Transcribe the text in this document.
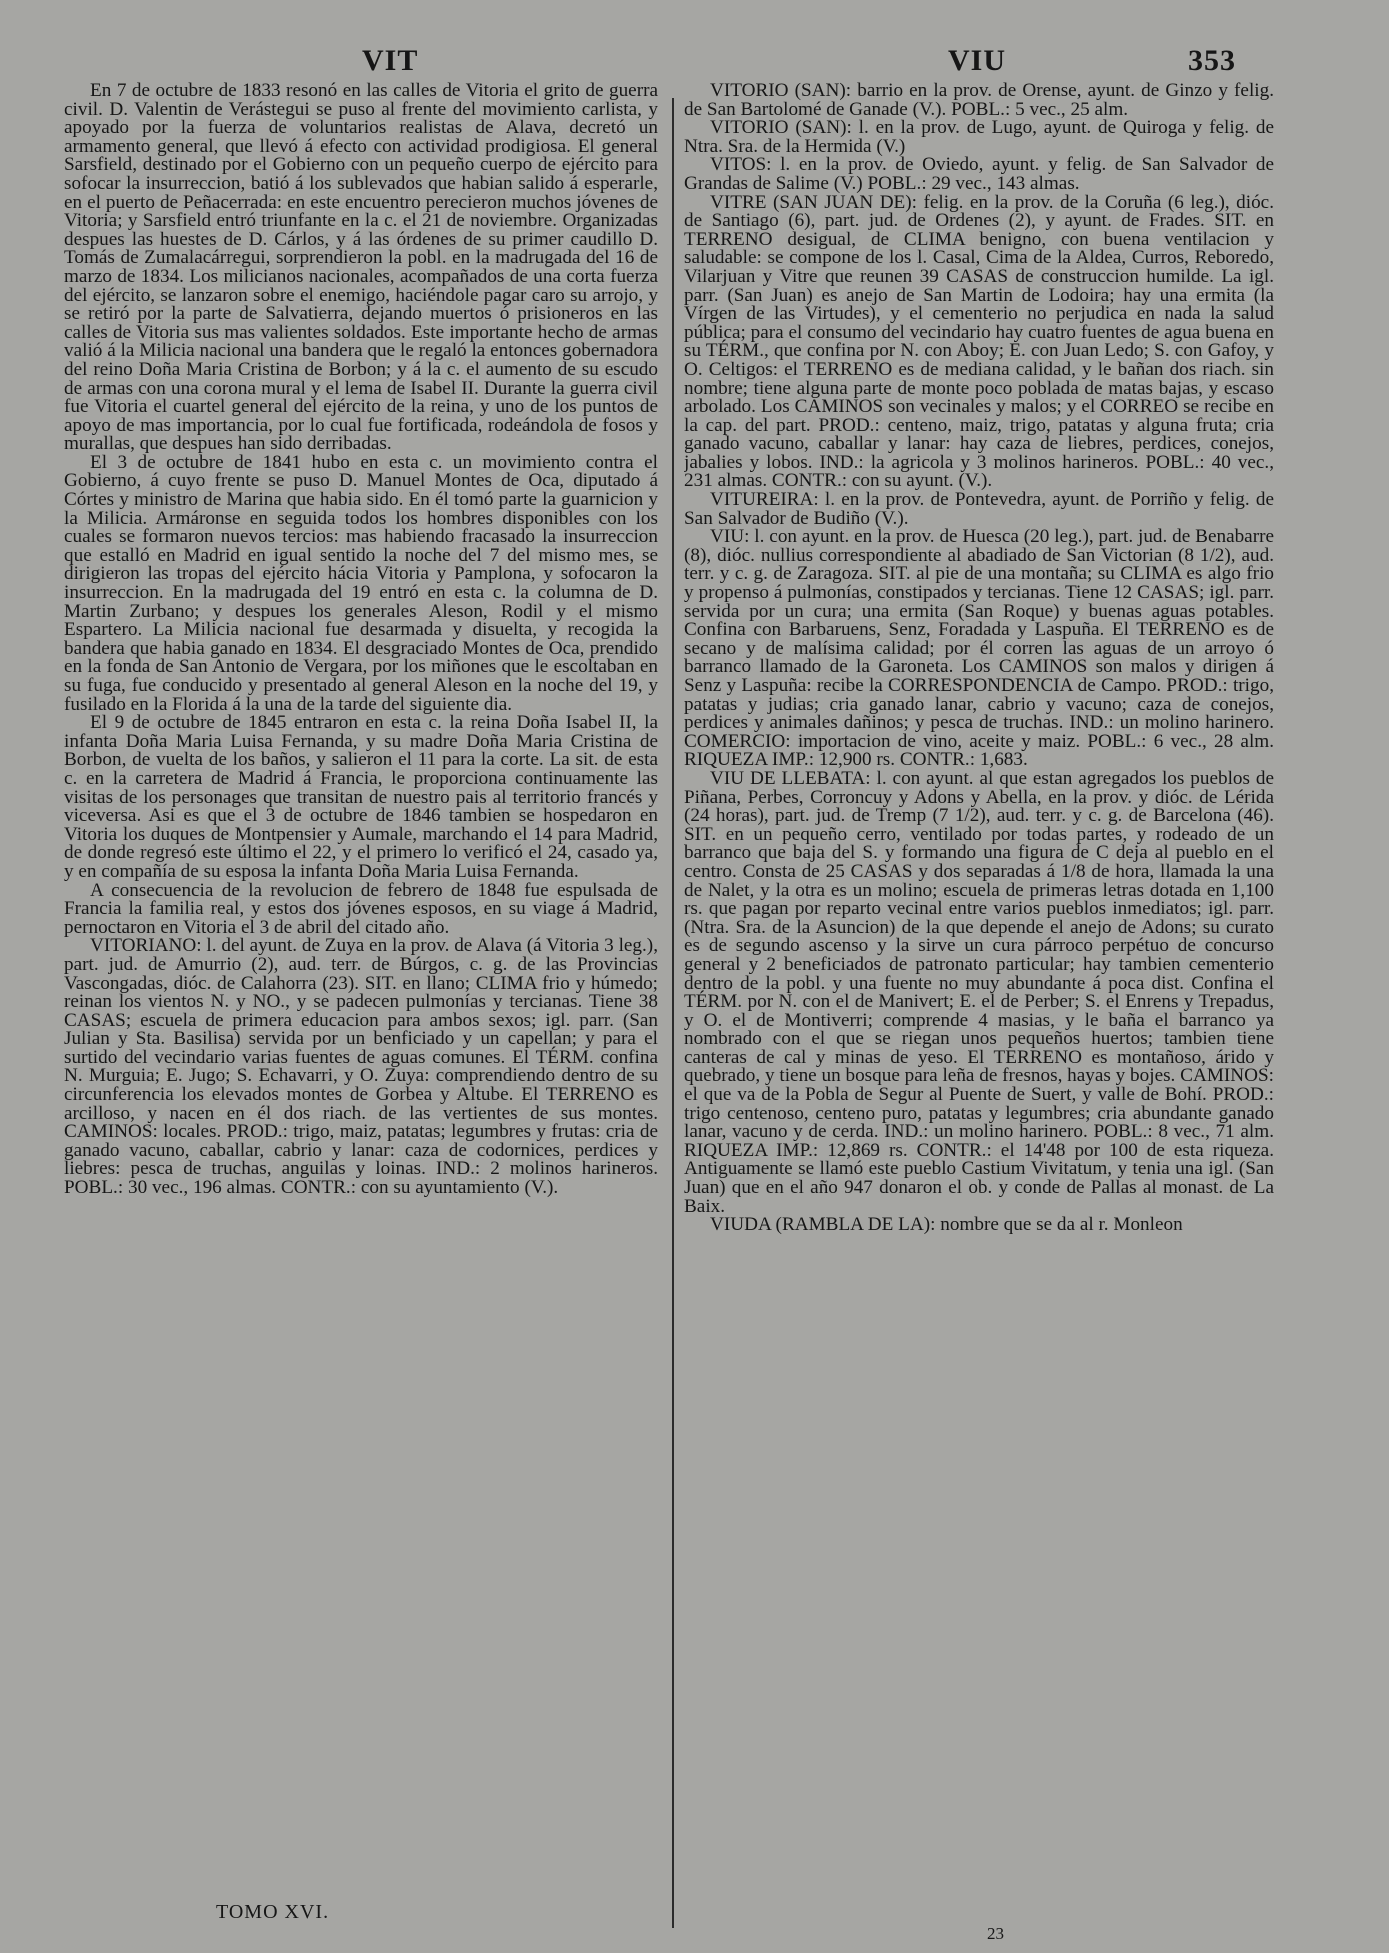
VIT	VIU	353

En 7 de octubre de 1833 resonó en las calles de Vitoria el grito de guerra civil. D. Valentin de Verástegui se puso al frente del movimiento carlista, y apoyado por la fuerza de voluntarios realistas de Alava, decretó un armamento general, que llevó á efecto con actividad prodigiosa. El general Sarsfield, destinado por el Gobierno con un pequeño cuerpo de ejército para sofocar la insurreccion, batió á los sublevados que habian salido á esperarle, en el puerto de Peñacerrada: en este encuentro perecieron muchos jóvenes de Vitoria; y Sarsfield entró triunfante en la c. el 21 de noviembre. Organizadas despues las huestes de D. Cárlos, y á las órdenes de su primer caudillo D. Tomás de Zumalacárregui, sorprendieron la pobl. en la madrugada del 16 de marzo de 1834. Los milicianos nacionales, acompañados de una corta fuerza del ejército, se lanzaron sobre el enemigo, haciéndole pagar caro su arrojo, y se retiró por la parte de Salvatierra, dejando muertos ó prisioneros en las calles de Vitoria sus mas valientes soldados. Este importante hecho de armas valió á la Milicia nacional una bandera que le regaló la entonces gobernadora del reino Doña Maria Cristina de Borbon; y á la c. el aumento de su escudo de armas con una corona mural y el lema de Isabel II. Durante la guerra civil fue Vitoria el cuartel general del ejército de la reina, y uno de los puntos de apoyo de mas importancia, por lo cual fue fortificada, rodeándola de fosos y murallas, que despues han sido derribadas.

El 3 de octubre de 1841 hubo en esta c. un movimiento contra el Gobierno, á cuyo frente se puso D. Manuel Montes de Oca, diputado á Córtes y ministro de Marina que habia sido. En él tomó parte la guarnicion y la Milicia. Armáronse en seguida todos los hombres disponibles con los cuales se formaron nuevos tercios: mas habiendo fracasado la insurreccion que estalló en Madrid en igual sentido la noche del 7 del mismo mes, se dirigieron las tropas del ejército hácia Vitoria y Pamplona, y sofocaron la insurreccion. En la madrugada del 19 entró en esta c. la columna de D. Martin Zurbano; y despues los generales Aleson, Rodil y el mismo Espartero. La Milicia nacional fue desarmada y disuelta, y recogida la bandera que habia ganado en 1834. El desgraciado Montes de Oca, prendido en la fonda de San Antonio de Vergara, por los miñones que le escoltaban en su fuga, fue conducido y presentado al general Aleson en la noche del 19, y fusilado en la Florida á la una de la tarde del siguiente dia.

El 9 de octubre de 1845 entraron en esta c. la reina Doña Isabel II, la infanta Doña Maria Luisa Fernanda, y su madre Doña Maria Cristina de Borbon, de vuelta de los baños, y salieron el 11 para la corte. La sit. de esta c. en la carretera de Madrid á Francia, le proporciona continuamente las visitas de los personages que transitan de nuestro pais al territorio francés y viceversa. Asi es que el 3 de octubre de 1846 tambien se hospedaron en Vitoria los duques de Montpensier y Aumale, marchando el 14 para Madrid, de donde regresó este último el 22, y el primero lo verificó el 24, casado ya, y en compañía de su esposa la infanta Doña Maria Luisa Fernanda.

A consecuencia de la revolucion de febrero de 1848 fue espulsada de Francia la familia real, y estos dos jóvenes esposos, en su viage á Madrid, pernoctaron en Vitoria el 3 de abril del citado año.

VITORIANO: l. del ayunt. de Zuya en la prov. de Alava (á Vitoria 3 leg.), part. jud. de Amurrio (2), aud. terr. de Búrgos, c. g. de las Provincias Vascongadas, dióc. de Calahorra (23). SIT. en llano; CLIMA frio y húmedo; reinan los vientos N. y NO., y se padecen pulmonías y tercianas. Tiene 38 CASAS; escuela de primera educacion para ambos sexos; igl. parr. (San Julian y Sta. Basilisa) servida por un benficiado y un capellan; y para el surtido del vecindario varias fuentes de aguas comunes. El TÉRM. confina N. Murguia; E. Jugo; S. Echavarri, y O. Zuya: comprendiendo dentro de su circunferencia los elevados montes de Gorbea y Altube. El TERRENO es arcilloso, y nacen en él dos riach. de las vertientes de sus montes. CAMINOS: locales. PROD.: trigo, maiz, patatas; legumbres y frutas: cria de ganado vacuno, caballar, cabrio y lanar: caza de codornices, perdices y liebres: pesca de truchas, anguilas y loinas. IND.: 2 molinos harineros. POBL.: 30 vec., 196 almas. CONTR.: con su ayuntamiento (V.).

VITORIO (SAN): barrio en la prov. de Orense, ayunt. de Ginzo y felig. de San Bartolomé de Ganade (V.). POBL.: 5 vec., 25 alm.

VITORIO (SAN): l. en la prov. de Lugo, ayunt. de Quiroga y felig. de Ntra. Sra. de la Hermida (V.)

VITOS: l. en la prov. de Oviedo, ayunt. y felig. de San Salvador de Grandas de Salime (V.) POBL.: 29 vec., 143 almas.

VITRE (SAN JUAN DE): felig. en la prov. de la Coruña (6 leg.), dióc. de Santiago (6), part. jud. de Ordenes (2), y ayunt. de Frades. SIT. en TERRENO desigual, de CLIMA benigno, con buena ventilacion y saludable: se compone de los l. Casal, Cima de la Aldea, Curros, Reboredo, Vilarjuan y Vitre que reunen 39 CASAS de construccion humilde. La igl. parr. (San Juan) es anejo de San Martin de Lodoira; hay una ermita (la Vírgen de las Virtudes), y el cementerio no perjudica en nada la salud pública; para el consumo del vecindario hay cuatro fuentes de agua buena en su TÉRM., que confina por N. con Aboy; E. con Juan Ledo; S. con Gafoy, y O. Celtigos: el TERRENO es de mediana calidad, y le bañan dos riach. sin nombre; tiene alguna parte de monte poco poblada de matas bajas, y escaso arbolado. Los CAMINOS son vecinales y malos; y el CORREO se recibe en la cap. del part. PROD.: centeno, maiz, trigo, patatas y alguna fruta; cria ganado vacuno, caballar y lanar: hay caza de liebres, perdices, conejos, jabalies y lobos. IND.: la agricola y 3 molinos harineros. POBL.: 40 vec., 231 almas. CONTR.: con su ayunt. (V.).

VITUREIRA: l. en la prov. de Pontevedra, ayunt. de Porriño y felig. de San Salvador de Budiño (V.).

VIU: l. con ayunt. en la prov. de Huesca (20 leg.), part. jud. de Benabarre (8), dióc. nullius correspondiente al abadiado de San Victorian (8 1/2), aud. terr. y c. g. de Zaragoza. SIT. al pie de una montaña; su CLIMA es algo frio y propenso á pulmonías, constipados y tercianas. Tiene 12 CASAS; igl. parr. servida por un cura; una ermita (San Roque) y buenas aguas potables. Confina con Barbaruens, Senz, Foradada y Laspuña. El TERRENO es de secano y de malísima calidad; por él corren las aguas de un arroyo ó barranco llamado de la Garoneta. Los CAMINOS son malos y dirigen á Senz y Laspuña: recibe la CORRESPONDENCIA de Campo. PROD.: trigo, patatas y judias; cria ganado lanar, cabrio y vacuno; caza de conejos, perdices y animales dañinos; y pesca de truchas. IND.: un molino harinero. COMERCIO: importacion de vino, aceite y maiz. POBL.: 6 vec., 28 alm. RIQUEZA IMP.: 12,900 rs. CONTR.: 1,683.

VIU DE LLEBATA: l. con ayunt. al que estan agregados los pueblos de Piñana, Perbes, Corroncuy y Adons y Abella, en la prov. y dióc. de Lérida (24 horas), part. jud. de Tremp (7 1/2), aud. terr. y c. g. de Barcelona (46). SIT. en un pequeño cerro, ventilado por todas partes, y rodeado de un barranco que baja del S. y formando una figura de C deja al pueblo en el centro. Consta de 25 CASAS y dos separadas á 1/8 de hora, llamada la una de Nalet, y la otra es un molino; escuela de primeras letras dotada en 1,100 rs. que pagan por reparto vecinal entre varios pueblos inmediatos; igl. parr. (Ntra. Sra. de la Asuncion) de la que depende el anejo de Adons; su curato es de segundo ascenso y la sirve un cura párroco perpétuo de concurso general y 2 beneficiados de patronato particular; hay tambien cementerio dentro de la pobl. y una fuente no muy abundante á poca dist. Confina el TÉRM. por N. con el de Manivert; E. el de Perber; S. el Enrens y Trepadus, y O. el de Montiverri; comprende 4 masias, y le baña el barranco ya nombrado con el que se riegan unos pequeños huertos; tambien tiene canteras de cal y minas de yeso. El TERRENO es montañoso, árido y quebrado, y tiene un bosque para leña de fresnos, hayas y bojes. CAMINOS: el que va de la Pobla de Segur al Puente de Suert, y valle de Bohí. PROD.: trigo centenoso, centeno puro, patatas y legumbres; cria abundante ganado lanar, vacuno y de cerda. IND.: un molino harinero. POBL.: 8 vec., 71 alm. RIQUEZA IMP.: 12,869 rs. CONTR.: el 14'48 por 100 de esta riqueza. Antiguamente se llamó este pueblo Castium Vivitatum, y tenia una igl. (San Juan) que en el año 947 donaron el ob. y conde de Pallas al monast. de La Baix.

VIUDA (RAMBLA DE LA): nombre que se da al r. Monleon

TOMO XVI.
23
